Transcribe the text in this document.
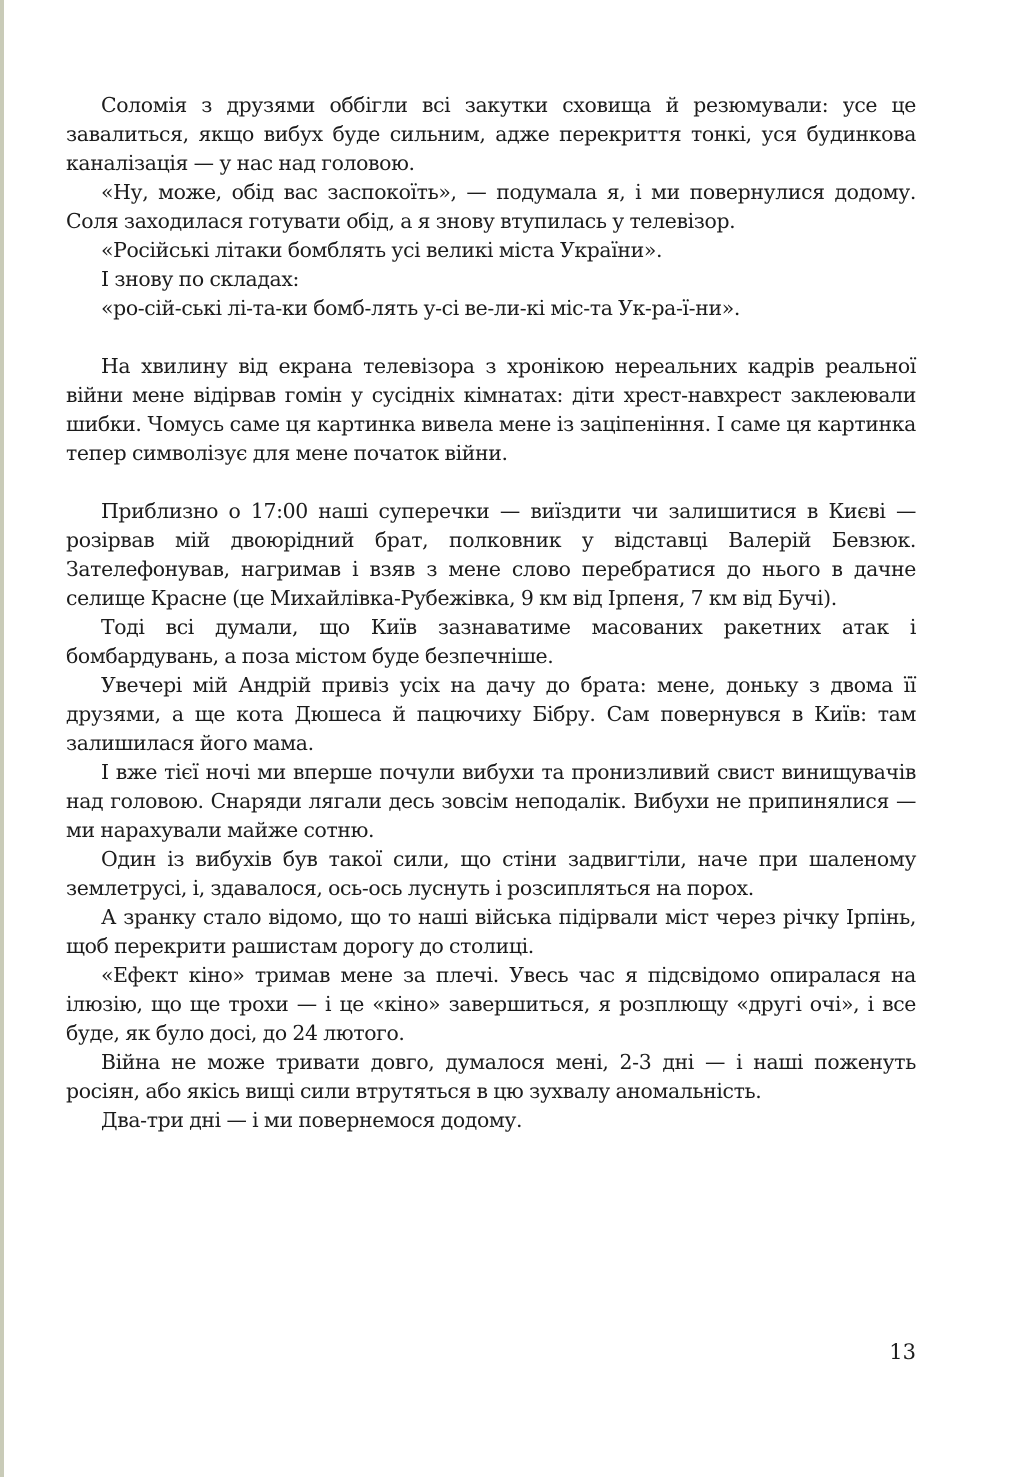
Соломія з друзями оббігли всі закутки сховища й резюмували: усе це завалиться, якщо вибух буде сильним, адже перекриття тонкі, уся будинкова каналізація — у нас над головою.

«Ну, може, обід вас заспокоїть», — подумала я, і ми повернулися додому. Соля заходилася готувати обід, а я знову втупилась у телевізор.

«Російські літаки бомблять усі великі міста України».

І знову по складах:

«ро-сій-ські лі-та-ки бомб-лять у-сі ве-ли-кі міс-та Ук-ра-ї-ни».

На хвилину від екрана телевізора з хронікою нереальних кадрів реальної війни мене відірвав гомін у сусідніх кімнатах: діти хрест-навхрест заклеювали шибки. Чомусь саме ця картинка вивела мене із заціпеніння. І саме ця картинка тепер символізує для мене початок війни.

Приблизно о 17:00 наші суперечки — виїздити чи залишитися в Києві — розірвав мій двоюрідний брат, полковник у відставці Валерій Бевзюк. Зателефонував, нагримав і взяв з мене слово перебратися до нього в дачне селище Красне (це Михайлівка-Рубежівка, 9 км від Ірпеня, 7 км від Бучі).

Тоді всі думали, що Київ зазнаватиме масованих ракетних атак і бомбардувань, а поза містом буде безпечніше.

Увечері мій Андрій привіз усіх на дачу до брата: мене, доньку з двома її друзями, а ще кота Дюшеса й пацючиху Бібру. Сам повернувся в Київ: там залишилася його мама.

І вже тієї ночі ми вперше почули вибухи та пронизливий свист винищувачів над головою. Снаряди лягали десь зовсім неподалік. Вибухи не припинялися — ми нарахували майже сотню.

Один із вибухів був такої сили, що стіни задвигтіли, наче при шаленому землетрусі, і, здавалося, ось-ось луснуть і розсипляться на порох.

А зранку стало відомо, що то наші війська підірвали міст через річку Ірпінь, щоб перекрити рашистам дорогу до столиці.

«Ефект кіно» тримав мене за плечі. Увесь час я підсвідомо опиралася на ілюзію, що ще трохи — і це «кіно» завершиться, я розплющу «другі очі», і все буде, як було досі, до 24 лютого.

Війна не може тривати довго, думалося мені, 2-3 дні — і наші поженуть росіян, або якісь вищі сили втрутяться в цю зухвалу аномальність.

Два-три дні — і ми повернемося додому.

13
